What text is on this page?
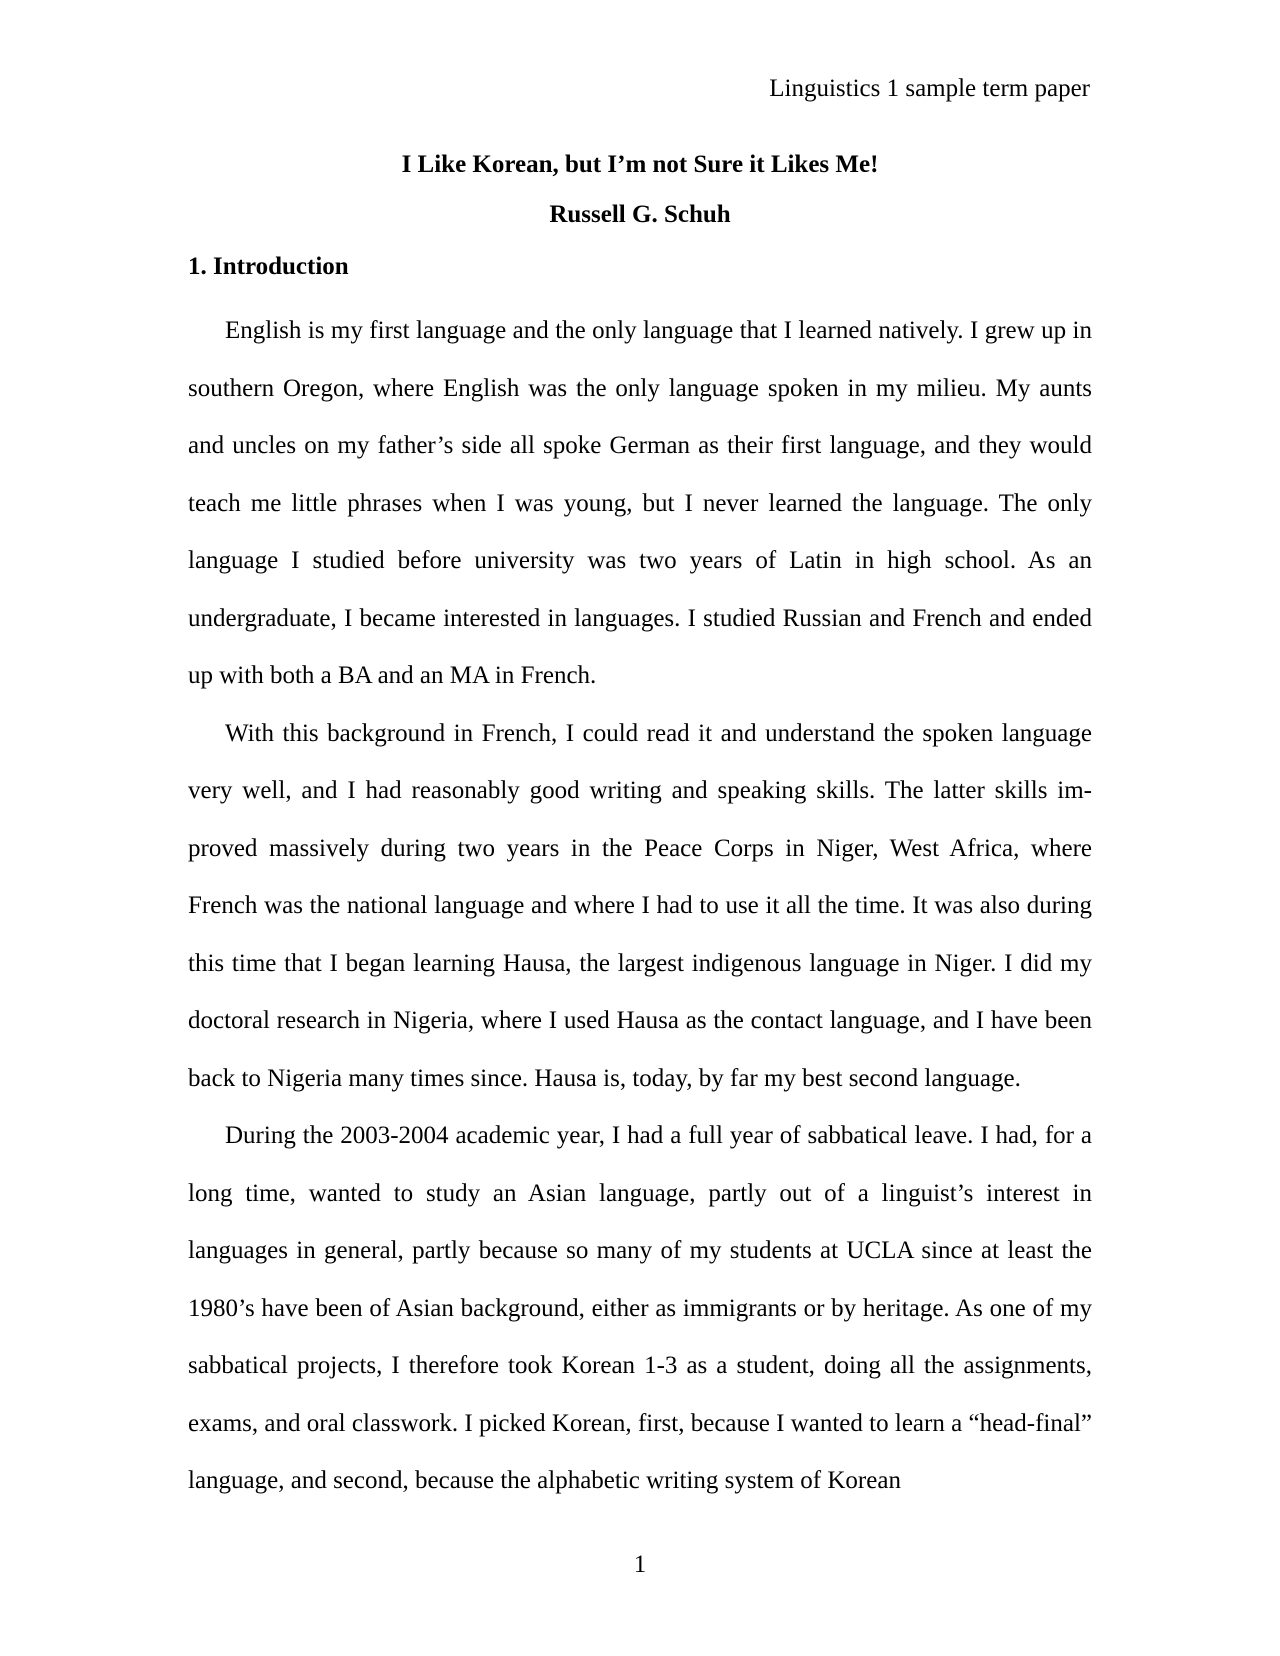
Linguistics 1 sample term paper
I Like Korean, but I’m not Sure it Likes Me!
Russell G. Schuh
1. Introduction

English is my first language and the only language that I learned natively. I grew up in southern Oregon, where English was the only language spoken in my milieu. My aunts and uncles on my father’s side all spoke German as their first language, and they would teach me little phrases when I was young, but I never learned the language. The only language I studied before university was two years of Latin in high school. As an undergraduate, I became interested in languages. I studied Russian and French and ended up with both a BA and an MA in French.

With this background in French, I could read it and understand the spoken language very well, and I had reasonably good writing and speaking skills. The latter skills improved massively during two years in the Peace Corps in Niger, West Africa, where French was the national language and where I had to use it all the time. It was also during this time that I began learning Hausa, the largest indigenous language in Niger. I did my doctoral research in Nigeria, where I used Hausa as the contact language, and I have been back to Nigeria many times since. Hausa is, today, by far my best second language.

During the 2003-2004 academic year, I had a full year of sabbatical leave. I had, for a long time, wanted to study an Asian language, partly out of a linguist’s interest in languages in general, partly because so many of my students at UCLA since at least the 1980’s have been of Asian background, either as immigrants or by heritage. As one of my sabbatical projects, I therefore took Korean 1-3 as a student, doing all the assignments, exams, and oral classwork. I picked Korean, first, because I wanted to learn a “head-final” language, and second, because the alphabetic writing system of Korean

1
